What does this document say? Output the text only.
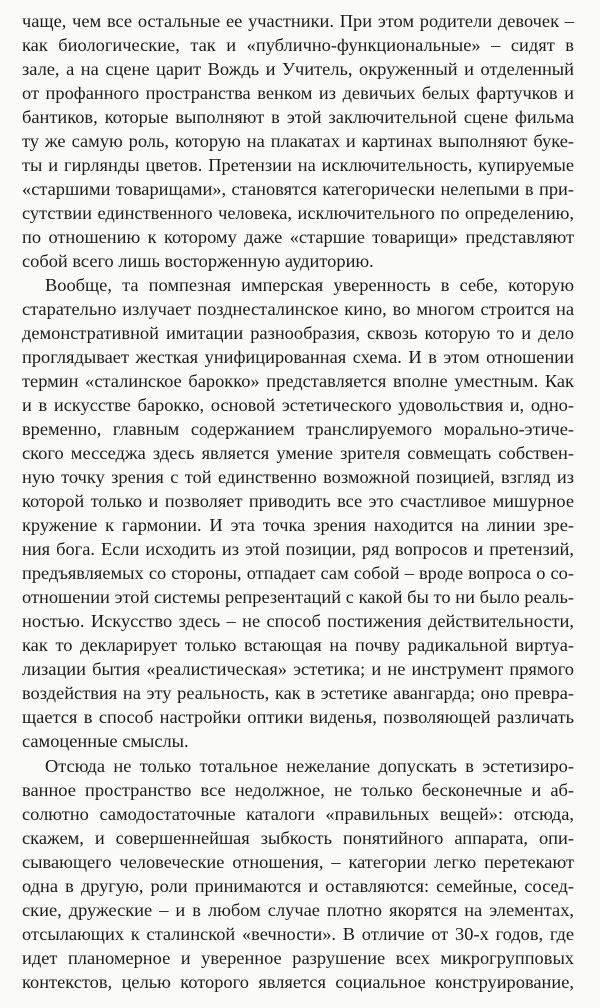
чаще, чем все остальные ее участники. При этом родители девочек –
как биологические, так и «публично-функциональные» – сидят в
зале, а на сцене царит Вождь и Учитель, окруженный и отделенный
от профанного пространства венком из девичьих белых фартучков и
бантиков, которые выполняют в этой заключительной сцене фильма
ту же самую роль, которую на плакатах и картинах выполняют буке-
ты и гирлянды цветов. Претензии на исключительность, купируемые
«старшими товарищами», становятся категорически нелепыми в при-
сутствии единственного человека, исключительного по определению,
по отношению к которому даже «старшие товарищи» представляют
собой всего лишь восторженную аудиторию.
Вообще, та помпезная имперская уверенность в себе, которую
старательно излучает позднесталинское кино, во многом строится на
демонстративной имитации разнообразия, сквозь которую то и дело
проглядывает жесткая унифицированная схема. И в этом отношении
термин «сталинское барокко» представляется вполне уместным. Как
и в искусстве барокко, основой эстетического удовольствия и, одно-
временно, главным содержанием транслируемого морально-этиче-
ского месседжа здесь является умение зрителя совмещать собствен-
ную точку зрения с той единственно возможной позицией, взгляд из
которой только и позволяет приводить все это счастливое мишурное
кружение к гармонии. И эта точка зрения находится на линии зре-
ния бога. Если исходить из этой позиции, ряд вопросов и претензий,
предъявляемых со стороны, отпадает сам собой – вроде вопроса о со-
отношении этой системы репрезентаций с какой бы то ни было реаль-
ностью. Искусство здесь – не способ постижения действительности,
как то декларирует только встающая на почву радикальной виртуа-
лизации бытия «реалистическая» эстетика; и не инструмент прямого
воздействия на эту реальность, как в эстетике авангарда; оно превра-
щается в способ настройки оптики виденья, позволяющей различать
самоценные смыслы.
Отсюда не только тотальное нежелание допускать в эстетизиро-
ванное пространство все недолжное, не только бесконечные и аб-
солютно самодостаточные каталоги «правильных вещей»: отсюда,
скажем, и совершеннейшая зыбкость понятийного аппарата, опи-
сывающего человеческие отношения, – категории легко перетекают
одна в другую, роли принимаются и оставляются: семейные, сосед-
ские, дружеские – и в любом случае плотно якорятся на элементах,
отсылающих к сталинской «вечности». В отличие от 30-х годов, где
идет планомерное и уверенное разрушение всех микрогрупповых
контекстов, целью которого является социальное конструирование,
